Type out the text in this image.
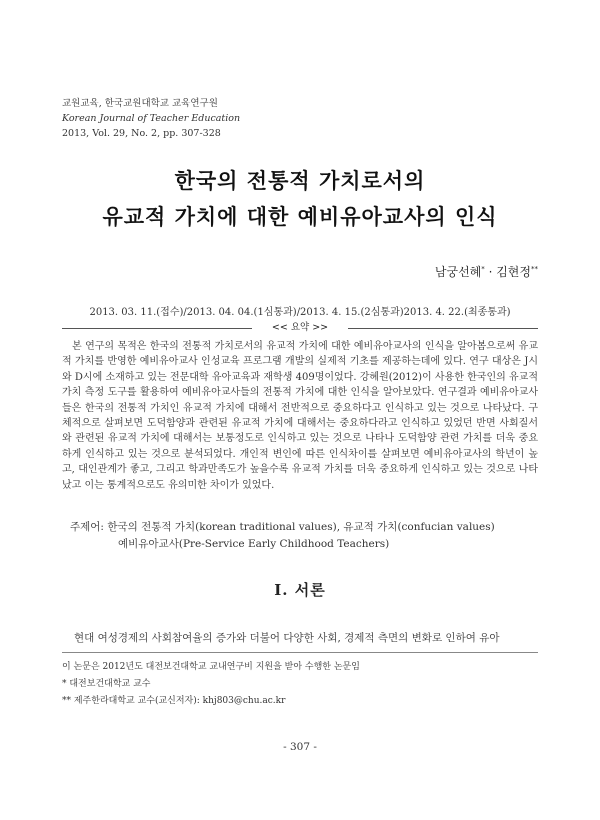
교원교육, 한국교원대학교 교육연구원
Korean Journal of Teacher Education
2013, Vol. 29, No. 2, pp. 307-328
한국의 전통적 가치로서의
유교적 가치에 대한 예비유아교사의 인식
남궁선혜* · 김현정**
2013. 03. 11.(접수)/2013. 04. 04.(1심통과)/2013. 4. 15.(2심통과)2013. 4. 22.(최종통과)
<< 요약 >>

본 연구의 목적은 한국의 전통적 가치로서의 유교적 가치에 대한 예비유아교사의 인식을 알아봄으로써 유교적 가치를 반영한 예비유아교사 인성교육 프로그램 개발의 실제적 기초를 제공하는데에 있다. 연구 대상은 J시와 D시에 소재하고 있는 전문대학 유아교육과 재학생 409명이었다. 강혜원(2012)이 사용한 한국인의 유교적 가치 측정 도구를 활용하여 예비유아교사들의 전통적 가치에 대한 인식을 알아보았다. 연구결과 예비유아교사들은 한국의 전통적 가치인 유교적 가치에 대해서 전반적으로 중요하다고 인식하고 있는 것으로 나타났다. 구체적으로 살펴보면 도덕함양과 관련된 유교적 가치에 대해서는 중요하다라고 인식하고 있었던 반면 사회질서와 관련된 유교적 가치에 대해서는 보통정도로 인식하고 있는 것으로 나타나 도덕함양 관련 가치를 더욱 중요하게 인식하고 있는 것으로 분석되었다. 개인적 변인에 따른 인식차이를 살펴보면 예비유아교사의 학년이 높고, 대인관계가 좋고, 그리고 학과만족도가 높을수록 유교적 가치를 더욱 중요하게 인식하고 있는 것으로 나타났고 이는 통계적으로도 유의미한 차이가 있었다.

주제어: 한국의 전통적 가치(korean traditional values), 유교적 가치(confucian values)
예비유아교사(Pre-Service Early Childhood Teachers)
Ⅰ. 서론
현대 여성경제의 사회참여율의 증가와 더불어 다양한 사회, 경제적 측면의 변화로 인하여 유아
이 논문은 2012년도 대전보건대학교 교내연구비 지원을 받아 수행한 논문임
* 대전보건대학교 교수
** 제주한라대학교 교수(교신저자): khj803@chu.ac.kr
- 307 -
